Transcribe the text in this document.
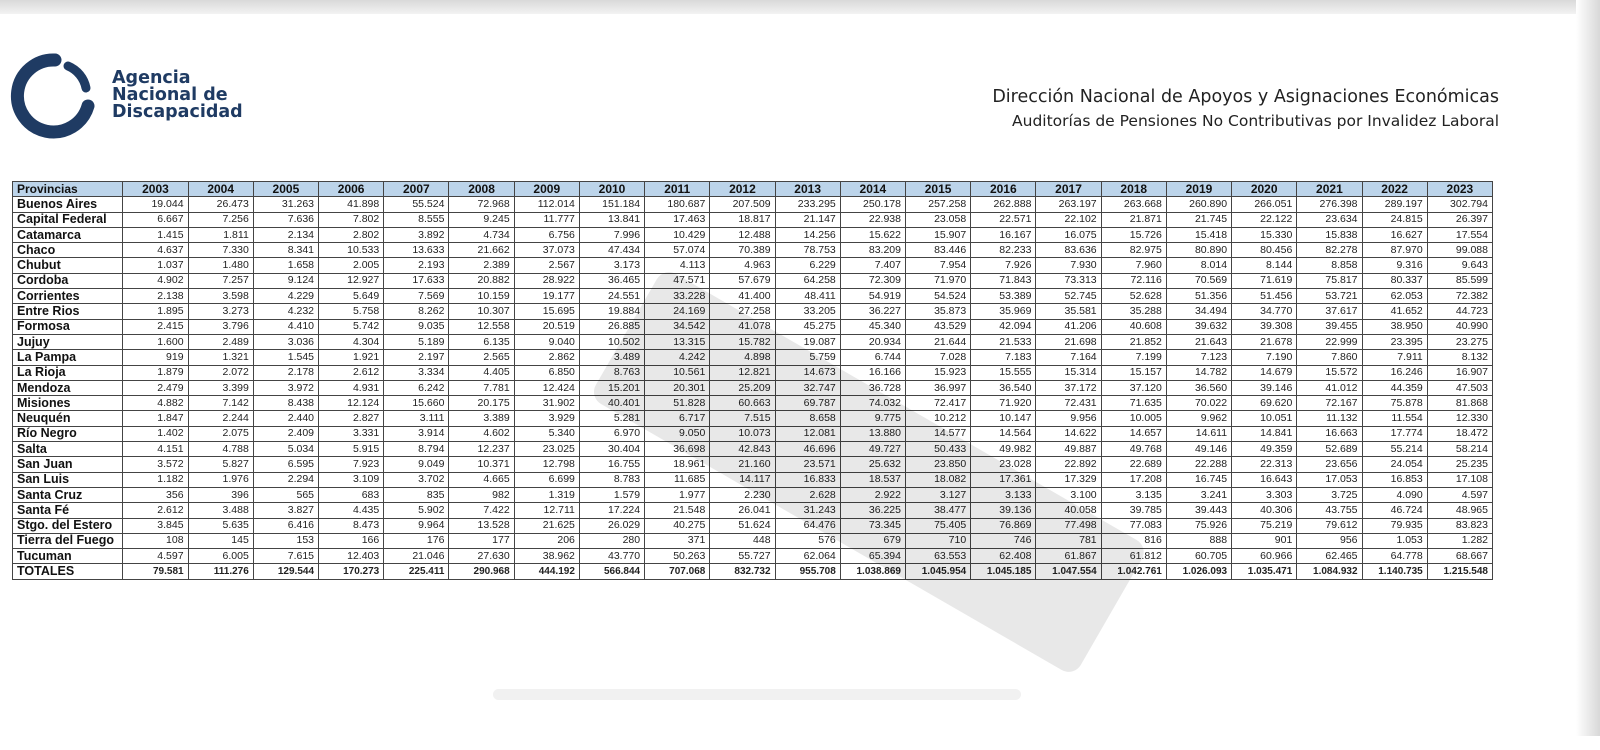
Agencia
Nacional de
Discapacidad
Dirección Nacional de Apoyos y Asignaciones Económicas
Auditorías de Pensiones No Contributivas por Invalidez Laboral
Provincias	2003	2004	2005	2006	2007	2008	2009	2010	2011	2012	2013	2014	2015	2016	2017	2018	2019	2020	2021	2022	2023
Buenos Aires	19.044	26.473	31.263	41.898	55.524	72.968	112.014	151.184	180.687	207.509	233.295	250.178	257.258	262.888	263.197	263.668	260.890	266.051	276.398	289.197	302.794
Capital Federal	6.667	7.256	7.636	7.802	8.555	9.245	11.777	13.841	17.463	18.817	21.147	22.938	23.058	22.571	22.102	21.871	21.745	22.122	23.634	24.815	26.397
Catamarca	1.415	1.811	2.134	2.802	3.892	4.734	6.756	7.996	10.429	12.488	14.256	15.622	15.907	16.167	16.075	15.726	15.418	15.330	15.838	16.627	17.554
Chaco	4.637	7.330	8.341	10.533	13.633	21.662	37.073	47.434	57.074	70.389	78.753	83.209	83.446	82.233	83.636	82.975	80.890	80.456	82.278	87.970	99.088
Chubut	1.037	1.480	1.658	2.005	2.193	2.389	2.567	3.173	4.113	4.963	6.229	7.407	7.954	7.926	7.930	7.960	8.014	8.144	8.858	9.316	9.643
Cordoba	4.902	7.257	9.124	12.927	17.633	20.882	28.922	36.465	47.571	57.679	64.258	72.309	71.970	71.843	73.313	72.116	70.569	71.619	75.817	80.337	85.599
Corrientes	2.138	3.598	4.229	5.649	7.569	10.159	19.177	24.551	33.228	41.400	48.411	54.919	54.524	53.389	52.745	52.628	51.356	51.456	53.721	62.053	72.382
Entre Rios	1.895	3.273	4.232	5.758	8.262	10.307	15.695	19.884	24.169	27.258	33.205	36.227	35.873	35.969	35.581	35.288	34.494	34.770	37.617	41.652	44.723
Formosa	2.415	3.796	4.410	5.742	9.035	12.558	20.519	26.885	34.542	41.078	45.275	45.340	43.529	42.094	41.206	40.608	39.632	39.308	39.455	38.950	40.990
Jujuy	1.600	2.489	3.036	4.304	5.189	6.135	9.040	10.502	13.315	15.782	19.087	20.934	21.644	21.533	21.698	21.852	21.643	21.678	22.999	23.395	23.275
La Pampa	919	1.321	1.545	1.921	2.197	2.565	2.862	3.489	4.242	4.898	5.759	6.744	7.028	7.183	7.164	7.199	7.123	7.190	7.860	7.911	8.132
La Rioja	1.879	2.072	2.178	2.612	3.334	4.405	6.850	8.763	10.561	12.821	14.673	16.166	15.923	15.555	15.314	15.157	14.782	14.679	15.572	16.246	16.907
Mendoza	2.479	3.399	3.972	4.931	6.242	7.781	12.424	15.201	20.301	25.209	32.747	36.728	36.997	36.540	37.172	37.120	36.560	39.146	41.012	44.359	47.503
Misiones	4.882	7.142	8.438	12.124	15.660	20.175	31.902	40.401	51.828	60.663	69.787	74.032	72.417	71.920	72.431	71.635	70.022	69.620	72.167	75.878	81.868
Neuquén	1.847	2.244	2.440	2.827	3.111	3.389	3.929	5.281	6.717	7.515	8.658	9.775	10.212	10.147	9.956	10.005	9.962	10.051	11.132	11.554	12.330
Río Negro	1.402	2.075	2.409	3.331	3.914	4.602	5.340	6.970	9.050	10.073	12.081	13.880	14.577	14.564	14.622	14.657	14.611	14.841	16.663	17.774	18.472
Salta	4.151	4.788	5.034	5.915	8.794	12.237	23.025	30.404	36.698	42.843	46.696	49.727	50.433	49.982	49.887	49.768	49.146	49.359	52.689	55.214	58.214
San Juan	3.572	5.827	6.595	7.923	9.049	10.371	12.798	16.755	18.961	21.160	23.571	25.632	23.850	23.028	22.892	22.689	22.288	22.313	23.656	24.054	25.235
San Luis	1.182	1.976	2.294	3.109	3.702	4.665	6.699	8.783	11.685	14.117	16.833	18.537	18.082	17.361	17.329	17.208	16.745	16.643	17.053	16.853	17.108
Santa Cruz	356	396	565	683	835	982	1.319	1.579	1.977	2.230	2.628	2.922	3.127	3.133	3.100	3.135	3.241	3.303	3.725	4.090	4.597
Santa Fé	2.612	3.488	3.827	4.435	5.902	7.422	12.711	17.224	21.548	26.041	31.243	36.225	38.477	39.136	40.058	39.785	39.443	40.306	43.755	46.724	48.965
Stgo. del Estero	3.845	5.635	6.416	8.473	9.964	13.528	21.625	26.029	40.275	51.624	64.476	73.345	75.405	76.869	77.498	77.083	75.926	75.219	79.612	79.935	83.823
Tierra del Fuego	108	145	153	166	176	177	206	280	371	448	576	679	710	746	781	816	888	901	956	1.053	1.282
Tucuman	4.597	6.005	7.615	12.403	21.046	27.630	38.962	43.770	50.263	55.727	62.064	65.394	63.553	62.408	61.867	61.812	60.705	60.966	62.465	64.778	68.667
TOTALES	79.581	111.276	129.544	170.273	225.411	290.968	444.192	566.844	707.068	832.732	955.708	1.038.869	1.045.954	1.045.185	1.047.554	1.042.761	1.026.093	1.035.471	1.084.932	1.140.735	1.215.548
